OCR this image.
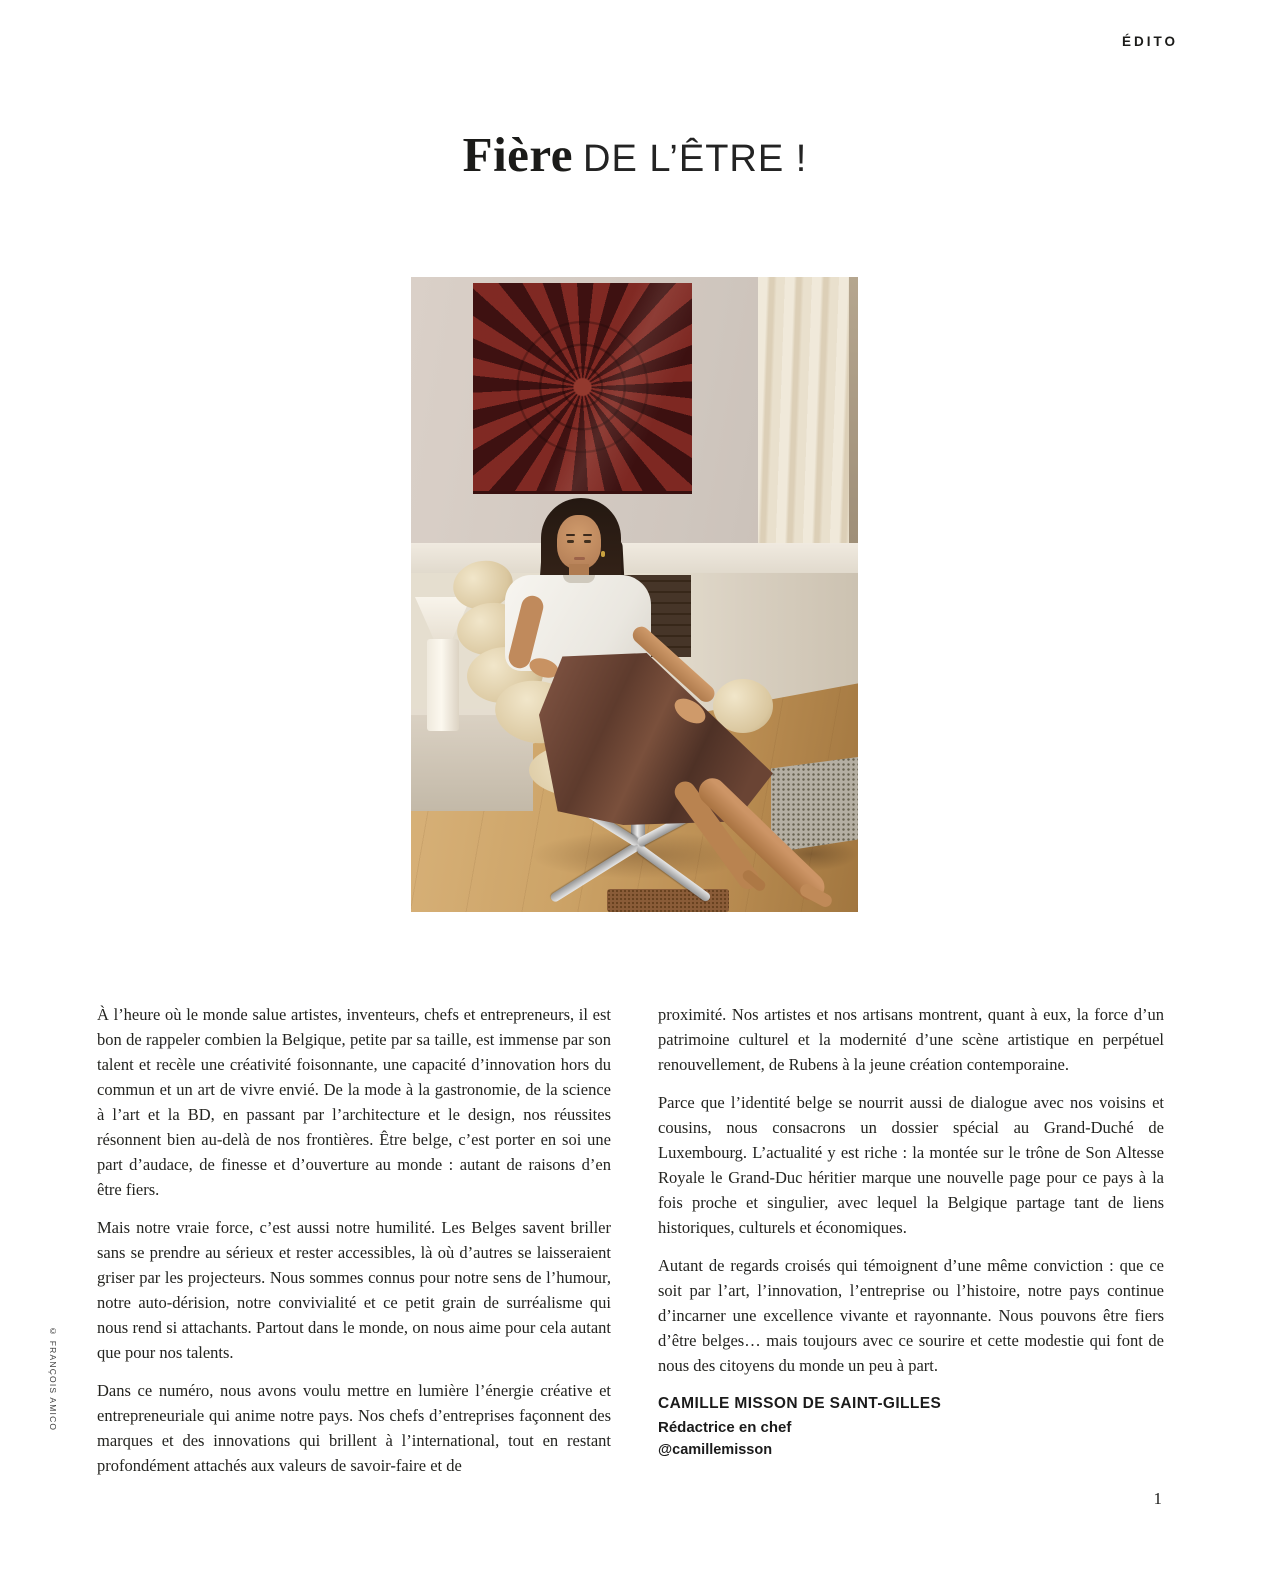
ÉDITO
Fière DE L’ÊTRE !
© FRANÇOIS AMICO

À l’heure où le monde salue artistes, inventeurs, chefs et entrepreneurs, il est bon de rappeler combien la Belgique, petite par sa taille, est immense par son talent et recèle une créativité foisonnante, une capacité d’innovation hors du commun et un art de vivre envié. De la mode à la gastronomie, de la science à l’art et la BD, en passant par l’architecture et le design, nos réussites résonnent bien au-delà de nos frontières. Être belge, c’est porter en soi une part d’audace, de finesse et d’ouverture au monde : autant de raisons d’en être fiers.

Mais notre vraie force, c’est aussi notre humilité. Les Belges savent briller sans se prendre au sérieux et rester accessibles, là où d’autres se laisseraient griser par les projecteurs. Nous sommes connus pour notre sens de l’humour, notre auto-dérision, notre convivialité et ce petit grain de surréalisme qui nous rend si attachants. Partout dans le monde, on nous aime pour cela autant que pour nos talents.

Dans ce numéro, nous avons voulu mettre en lumière l’énergie créative et entrepreneuriale qui anime notre pays. Nos chefs d’entreprises façonnent des marques et des innovations qui brillent à l’international, tout en restant profondément attachés aux valeurs de savoir-faire et de

proximité. Nos artistes et nos artisans montrent, quant à eux, la force d’un patrimoine culturel et la modernité d’une scène artistique en perpétuel renouvellement, de Rubens à la jeune création contemporaine.

Parce que l’identité belge se nourrit aussi de dialogue avec nos voisins et cousins, nous consacrons un dossier spécial au Grand-Duché de Luxembourg. L’actualité y est riche : la montée sur le trône de Son Altesse Royale le Grand-Duc héritier marque une nouvelle page pour ce pays à la fois proche et singulier, avec lequel la Belgique partage tant de liens historiques, culturels et économiques.

Autant de regards croisés qui témoignent d’une même conviction : que ce soit par l’art, l’innovation, l’entreprise ou l’histoire, notre pays continue d’incarner une excellence vivante et rayonnante. Nous pouvons être fiers d’être belges… mais toujours avec ce sourire et cette modestie qui font de nous des citoyens du monde un peu à part.

CAMILLE MISSON DE SAINT-GILLES
Rédactrice en chef
@camillemisson
1
